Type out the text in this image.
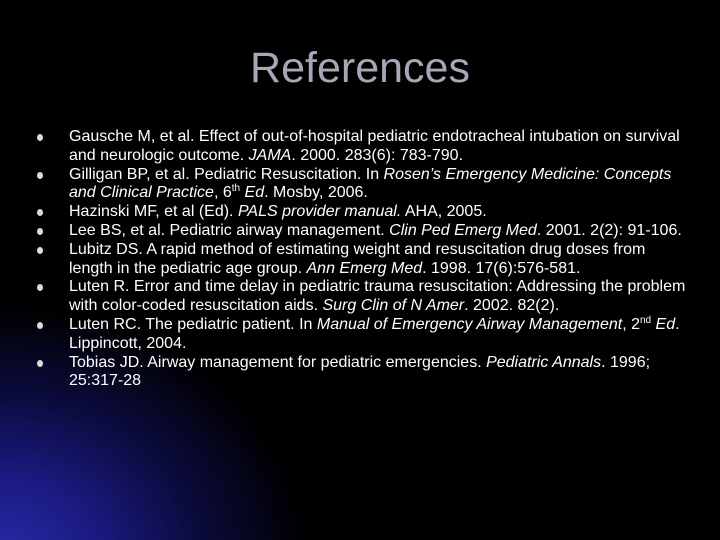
References
Gausche M, et al. Effect of out-of-hospital pediatric endotracheal intubation on survival and neurologic outcome. JAMA. 2000. 283(6): 783-790.
Gilligan BP, et al. Pediatric Resuscitation. In Rosen’s Emergency Medicine: Concepts and Clinical Practice, 6th Ed. Mosby, 2006.
Hazinski MF, et al (Ed). PALS provider manual. AHA, 2005.
Lee BS, et al. Pediatric airway management. Clin Ped Emerg Med. 2001. 2(2): 91-106.
Lubitz DS. A rapid method of estimating weight and resuscitation drug doses from length in the pediatric age group. Ann Emerg Med. 1998. 17(6):576-581.
Luten R. Error and time delay in pediatric trauma resuscitation: Addressing the problem with color-coded resuscitation aids. Surg Clin of N Amer. 2002. 82(2).
Luten RC. The pediatric patient. In Manual of Emergency Airway Management, 2nd Ed. Lippincott, 2004.
Tobias JD. Airway management for pediatric emergencies. Pediatric Annals. 1996; 25:317-28
